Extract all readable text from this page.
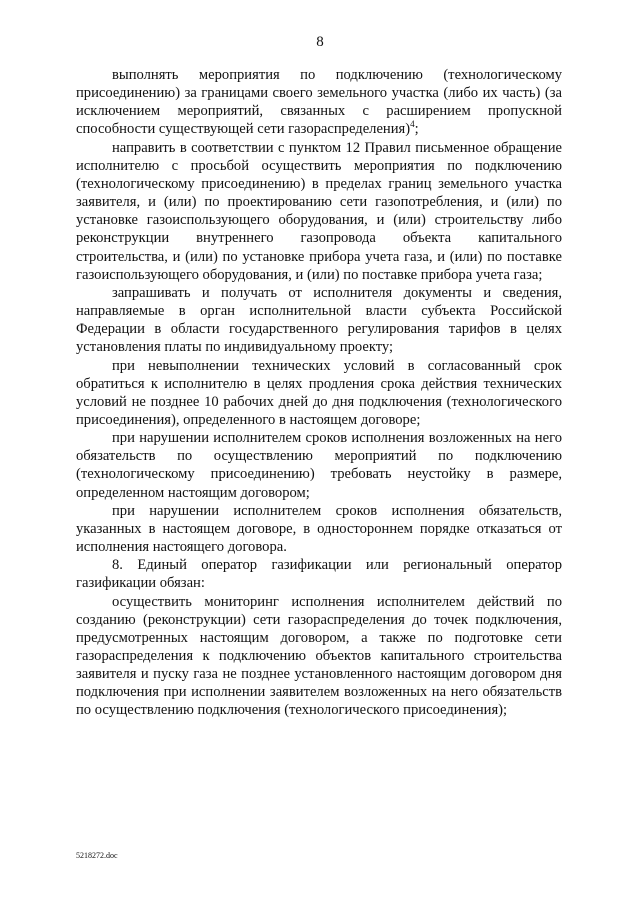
8

выполнять мероприятия по подключению (технологическому присоединению) за границами своего земельного участка (либо их часть) (за исключением мероприятий, связанных с расширением пропускной способности существующей сети газораспределения)$^4$;

направить в соответствии с пунктом 12 Правил письменное обращение исполнителю с просьбой осуществить мероприятия по подключению (технологическому присоединению) в пределах границ земельного участка заявителя, и (или) по проектированию сети газопотребления, и (или) по установке газоиспользующего оборудования, и (или) строительству либо реконструкции внутреннего газопровода объекта капитального строительства, и (или) по установке прибора учета газа, и (или) по поставке газоиспользующего оборудования, и (или) по поставке прибора учета газа;

запрашивать и получать от исполнителя документы и сведения, направляемые в орган исполнительной власти субъекта Российской Федерации в области государственного регулирования тарифов в целях установления платы по индивидуальному проекту;

при невыполнении технических условий в согласованный срок обратиться к исполнителю в целях продления срока действия технических условий не позднее 10 рабочих дней до дня подключения (технологического присоединения), определенного в настоящем договоре;

при нарушении исполнителем сроков исполнения возложенных на него обязательств по осуществлению мероприятий по подключению (технологическому присоединению) требовать неустойку в размере, определенном настоящим договором;

при нарушении исполнителем сроков исполнения обязательств, указанных в настоящем договоре, в одностороннем порядке отказаться от исполнения настоящего договора.

8. Единый оператор газификации или региональный оператор газификации обязан:

осуществить мониторинг исполнения исполнителем действий по созданию (реконструкции) сети газораспределения до точек подключения, предусмотренных настоящим договором, а также по подготовке сети газораспределения к подключению объектов капитального строительства заявителя и пуску газа не позднее установленного настоящим договором дня подключения при исполнении заявителем возложенных на него обязательств по осуществлению подключения (технологического присоединения);

5218272.doc
